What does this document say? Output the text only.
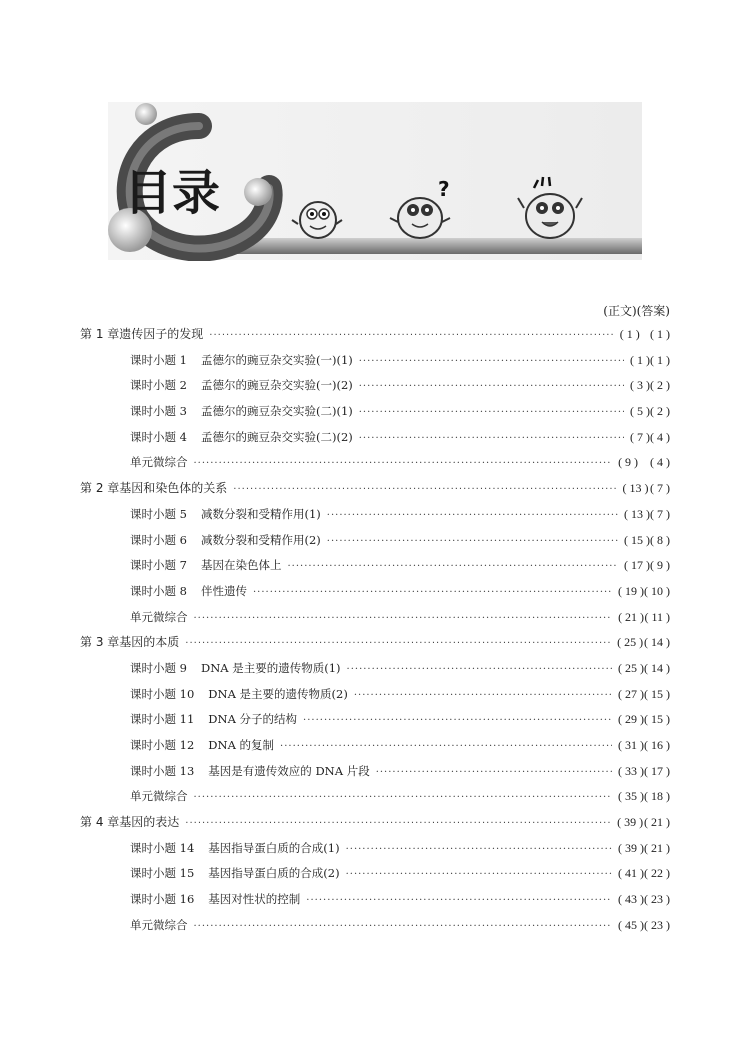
?
目录
(正文)(答案)
第 1 章 遗传因子的发现 ·····	( 1 ) ( 1 )
课时小题 1 孟德尔的豌豆杂交实验(一)(1) ·····	( 1 ) ( 1 )
课时小题 2 孟德尔的豌豆杂交实验(一)(2) ·····	( 3 ) ( 2 )
课时小题 3 孟德尔的豌豆杂交实验(二)(1) ·····	( 5 ) ( 2 )
课时小题 4 孟德尔的豌豆杂交实验(二)(2) ·····	( 7 ) ( 4 )
单元微综合 ·····	( 9 ) ( 4 )
第 2 章 基因和染色体的关系 ·····	( 13 ) ( 7 )
课时小题 5 减数分裂和受精作用(1) ·····	( 13 ) ( 7 )
课时小题 6 减数分裂和受精作用(2) ·····	( 15 ) ( 8 )
课时小题 7 基因在染色体上 ·····	( 17 ) ( 9 )
课时小题 8 伴性遗传 ·····	( 19 ) ( 10 )
单元微综合 ·····	( 21 ) ( 11 )
第 3 章 基因的本质 ·····	( 25 ) ( 14 )
课时小题 9 DNA 是主要的遗传物质(1) ·····	( 25 ) ( 14 )
课时小题 10 DNA 是主要的遗传物质(2) ·····	( 27 ) ( 15 )
课时小题 11 DNA 分子的结构 ·····	( 29 ) ( 15 )
课时小题 12 DNA 的复制 ·····	( 31 ) ( 16 )
课时小题 13 基因是有遗传效应的 DNA 片段 ·····	( 33 ) ( 17 )
单元微综合 ·····	( 35 ) ( 18 )
第 4 章 基因的表达 ·····	( 39 ) ( 21 )
课时小题 14 基因指导蛋白质的合成(1) ·····	( 39 ) ( 21 )
课时小题 15 基因指导蛋白质的合成(2) ·····	( 41 ) ( 22 )
课时小题 16 基因对性状的控制 ·····	( 43 ) ( 23 )
单元微综合 ·····	( 45 ) ( 23 )
